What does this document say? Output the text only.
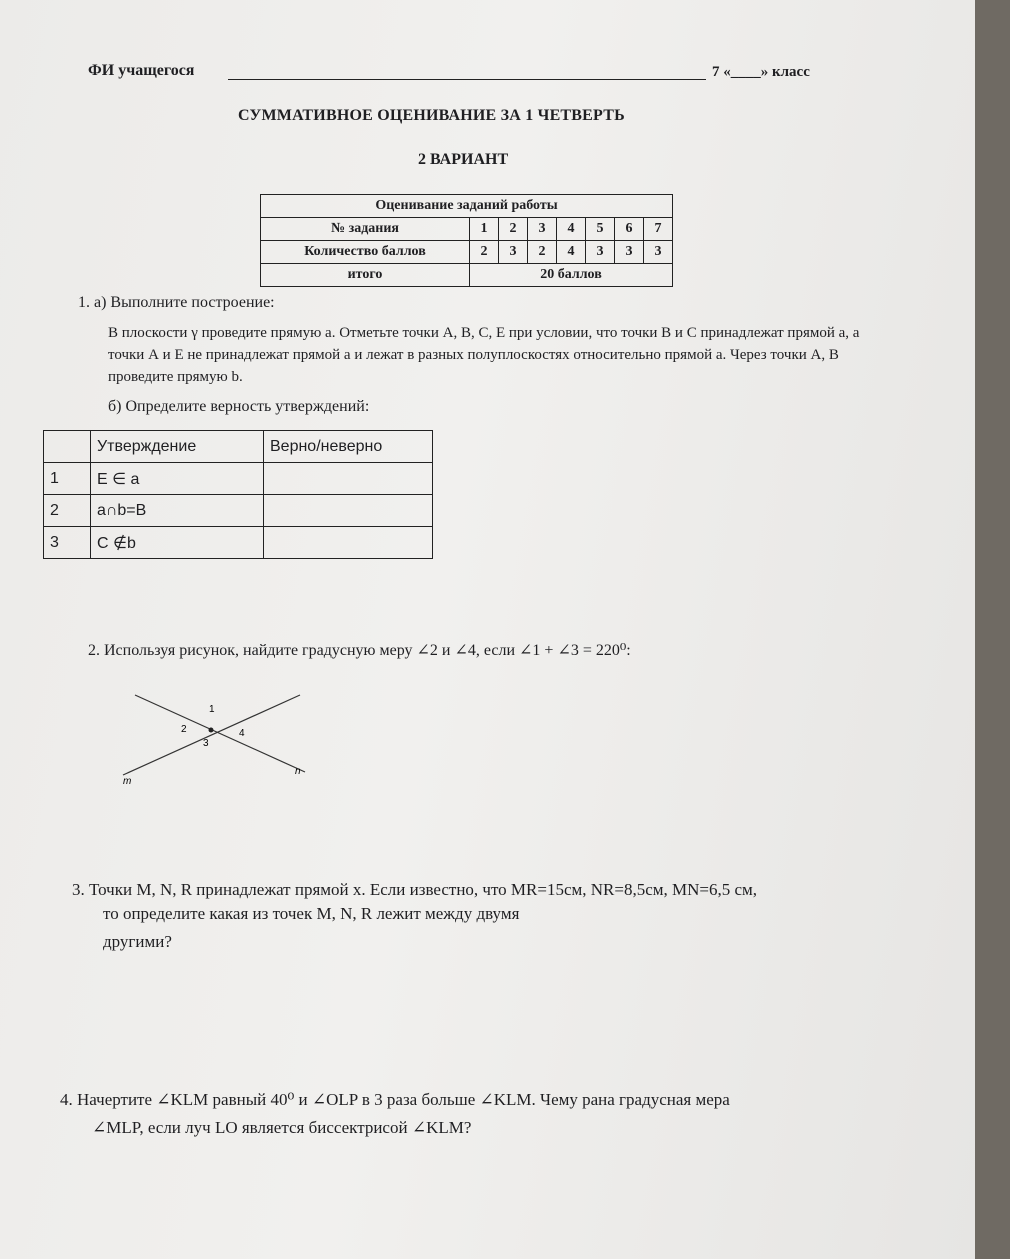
ФИ учащегося	7 «____» класс
СУММАТИВНОЕ ОЦЕНИВАНИЕ ЗА 1 ЧЕТВЕРТЬ
2 ВАРИАНТ
Оценивание заданий работы							
№ задания	1	2	3	4	5	6	7
Количество баллов	2	3	2	4	3	3	3
итого	20 баллов						
1. а) Выполните построение:
В плоскости γ проведите прямую а. Отметьте точки A, B, C, E при условии, что точки B и C принадлежат прямой а, а точки А и Е не принадлежат прямой а и лежат в разных полуплоскостях относительно прямой а. Через точки A, B проведите прямую b.
б) Определите верность утверждений:
	Утверждение	Верно/неверно
1	E ∈ a	
2	a∩b=B	
3	C ∉b	
2. Используя рисунок, найдите градусную меру ∠2 и ∠4, если ∠1 + ∠3 = 220⁰:
1
2
3
4
m
n
3. Точки M, N, R принадлежат прямой x. Если известно, что MR=15см, NR=8,5см, MN=6,5 см,
то определите какая из точек M, N, R лежит между двумя
другими?
4. Начертите ∠KLM равный 40⁰ и ∠OLP в 3 раза больше ∠KLM. Чему рана градусная мера
∠MLP, если луч LO является биссектрисой ∠KLM?
